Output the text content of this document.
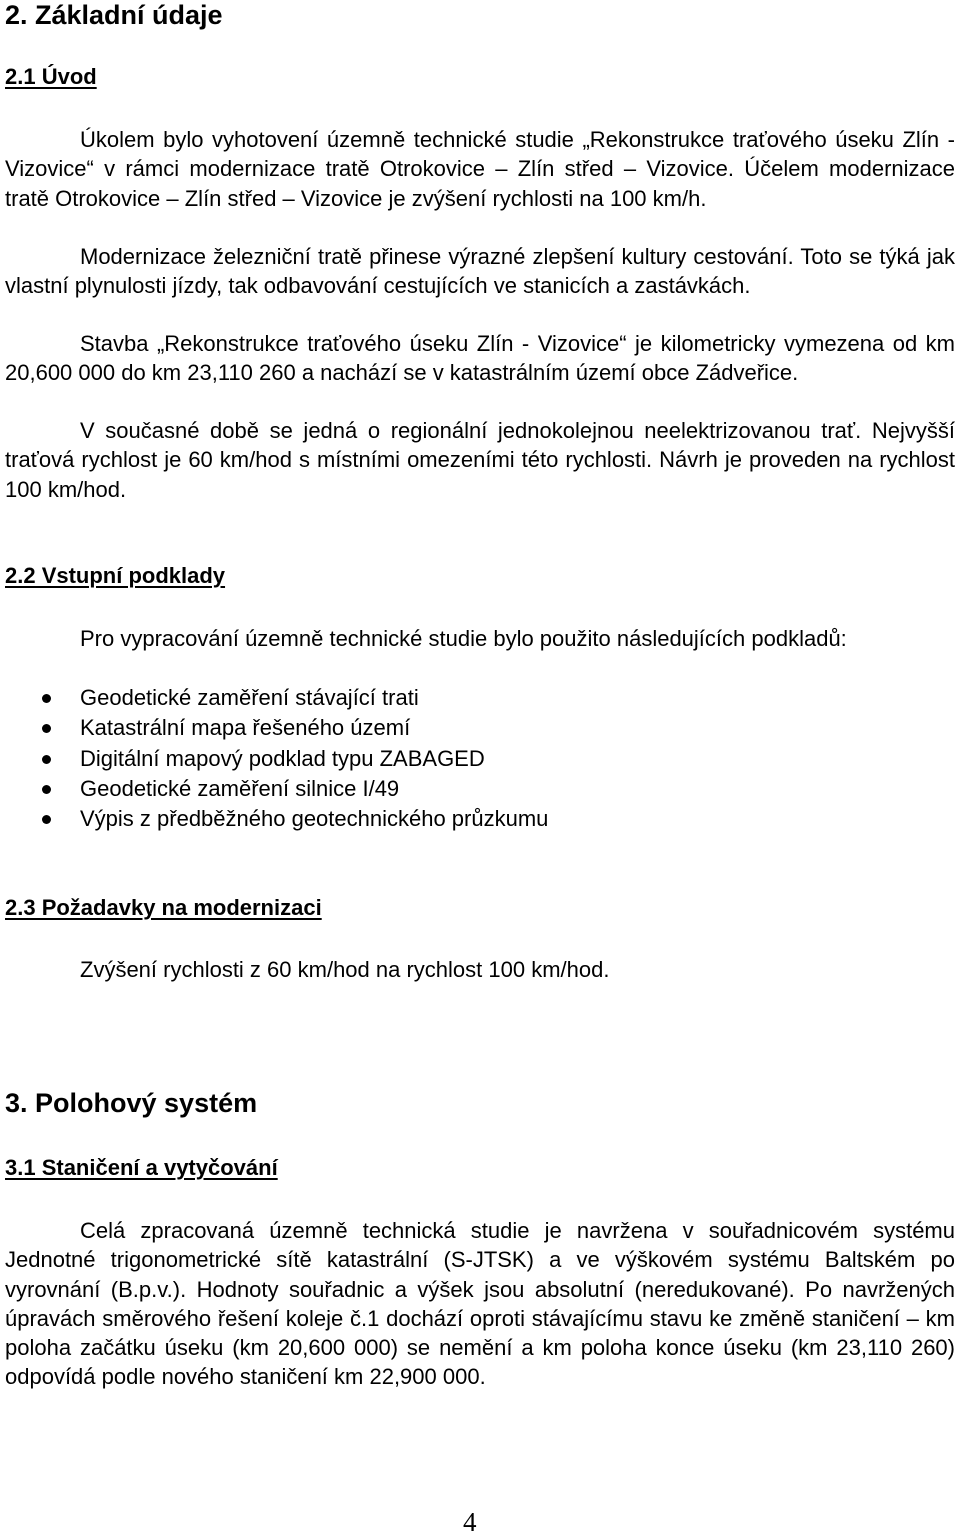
2. Základní údaje
2.1 Úvod
Úkolem bylo vyhotovení územně technické studie „Rekonstrukce traťového úseku Zlín - Vizovice“ v rámci modernizace tratě Otrokovice – Zlín střed – Vizovice. Účelem modernizace tratě Otrokovice – Zlín střed – Vizovice je zvýšení rychlosti na 100 km/h.
Modernizace železniční tratě přinese výrazné zlepšení kultury cestování. Toto se týká jak vlastní plynulosti jízdy, tak odbavování cestujících ve stanicích a zastávkách.
Stavba „Rekonstrukce traťového úseku Zlín - Vizovice“ je kilometricky vymezena od km 20,600 000 do km 23,110 260 a nachází se v katastrálním území obce Zádveřice.
V současné době se jedná o regionální jednokolejnou neelektrizovanou trať. Nejvyšší traťová rychlost je 60 km/hod s místními omezeními této rychlosti. Návrh je proveden na rychlost 100 km/hod.
2.2 Vstupní podklady
Pro vypracování územně technické studie bylo použito následujících podkladů:
Geodetické zaměření stávající trati
Katastrální mapa řešeného území
Digitální mapový podklad typu ZABAGED
Geodetické zaměření silnice I/49
Výpis z předběžného geotechnického průzkumu
2.3 Požadavky na modernizaci
Zvýšení rychlosti z 60 km/hod na rychlost 100 km/hod.
3. Polohový systém
3.1 Staničení a vytyčování
Celá zpracovaná územně technická studie je navržena v souřadnicovém systému Jednotné trigonometrické sítě katastrální (S-JTSK) a ve výškovém systému Baltském po vyrovnání (B.p.v.). Hodnoty souřadnic a výšek jsou absolutní (neredukované). Po navržených úpravách směrového řešení koleje č.1 dochází oproti stávajícímu stavu ke změně staničení – km poloha začátku úseku (km 20,600 000) se nemění a km poloha konce úseku (km 23,110 260) odpovídá podle nového staničení km 22,900 000.
4
